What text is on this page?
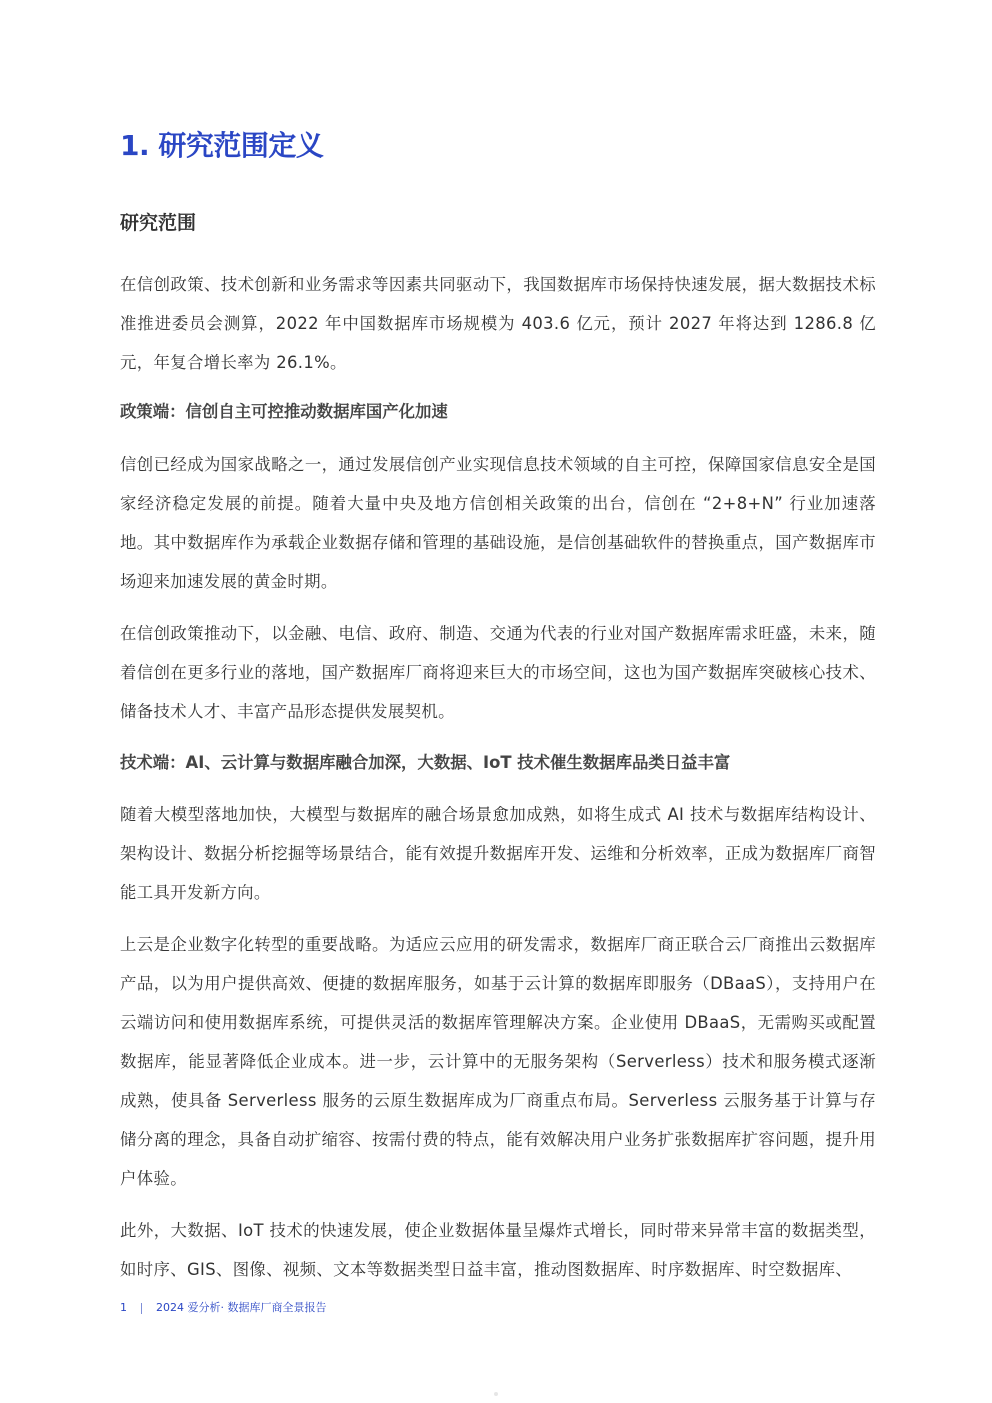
1. 研究范围定义
研究范围

在信创政策、技术创新和业务需求等因素共同驱动下，我国数据库市场保持快速发展，据大数据技术标准推进委员会测算，2022 年中国数据库市场规模为 403.6 亿元，预计 2027 年将达到 1286.8 亿元，年复合增长率为 26.1%。

政策端：信创自主可控推动数据库国产化加速

信创已经成为国家战略之一，通过发展信创产业实现信息技术领域的自主可控，保障国家信息安全是国家经济稳定发展的前提。随着大量中央及地方信创相关政策的出台，信创在 “2+8+N” 行业加速落地。其中数据库作为承载企业数据存储和管理的基础设施，是信创基础软件的替换重点，国产数据库市场迎来加速发展的黄金时期。

在信创政策推动下，以金融、电信、政府、制造、交通为代表的行业对国产数据库需求旺盛，未来，随着信创在更多行业的落地，国产数据库厂商将迎来巨大的市场空间，这也为国产数据库突破核心技术、储备技术人才、丰富产品形态提供发展契机。

技术端：AI、云计算与数据库融合加深，大数据、IoT 技术催生数据库品类日益丰富

随着大模型落地加快，大模型与数据库的融合场景愈加成熟，如将生成式 AI 技术与数据库结构设计、架构设计、数据分析挖掘等场景结合，能有效提升数据库开发、运维和分析效率，正成为数据库厂商智能工具开发新方向。

上云是企业数字化转型的重要战略。为适应云应用的研发需求，数据库厂商正联合云厂商推出云数据库产品，以为用户提供高效、便捷的数据库服务，如基于云计算的数据库即服务（DBaaS），支持用户在云端访问和使用数据库系统，可提供灵活的数据库管理解决方案。企业使用 DBaaS，无需购买或配置数据库，能显著降低企业成本。进一步，云计算中的无服务架构（Serverless）技术和服务模式逐渐成熟，使具备 Serverless 服务的云原生数据库成为厂商重点布局。Serverless 云服务基于计算与存储分离的理念，具备自动扩缩容、按需付费的特点，能有效解决用户业务扩张数据库扩容问题，提升用户体验。

此外，大数据、IoT 技术的快速发展，使企业数据体量呈爆炸式增长，同时带来异常丰富的数据类型，如时序、GIS、图像、视频、文本等数据类型日益丰富，推动图数据库、时序数据库、时空数据库、

1	2024 爱分析· 数据库厂商全景报告
